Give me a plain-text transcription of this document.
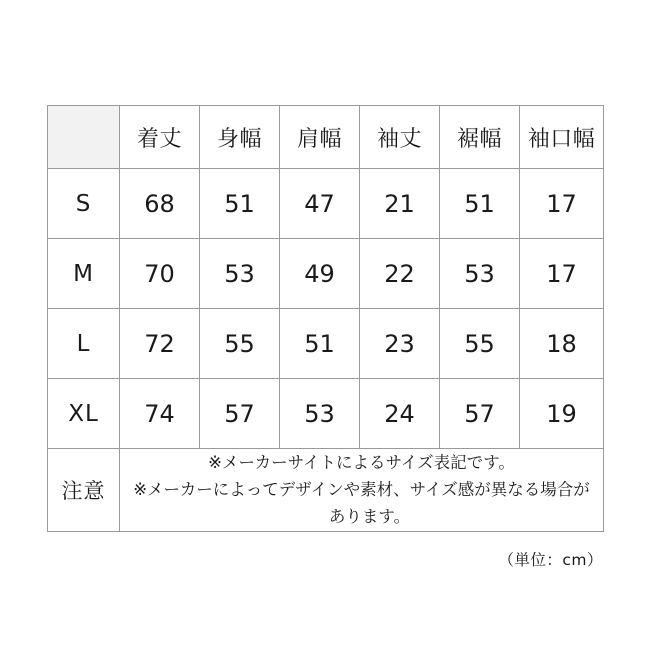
	着丈	身幅	肩幅	袖丈	裾幅	袖口幅
S	68	51	47	21	51	17
M	70	53	49	22	53	17
L	72	55	51	23	55	18
XL	74	57	53	24	57	19
注意	※メーカーサイトによるサイズ表記です。
※メーカーによってデザインや素材、サイズ感が異なる場合が
あります。					
（単位：cm）
